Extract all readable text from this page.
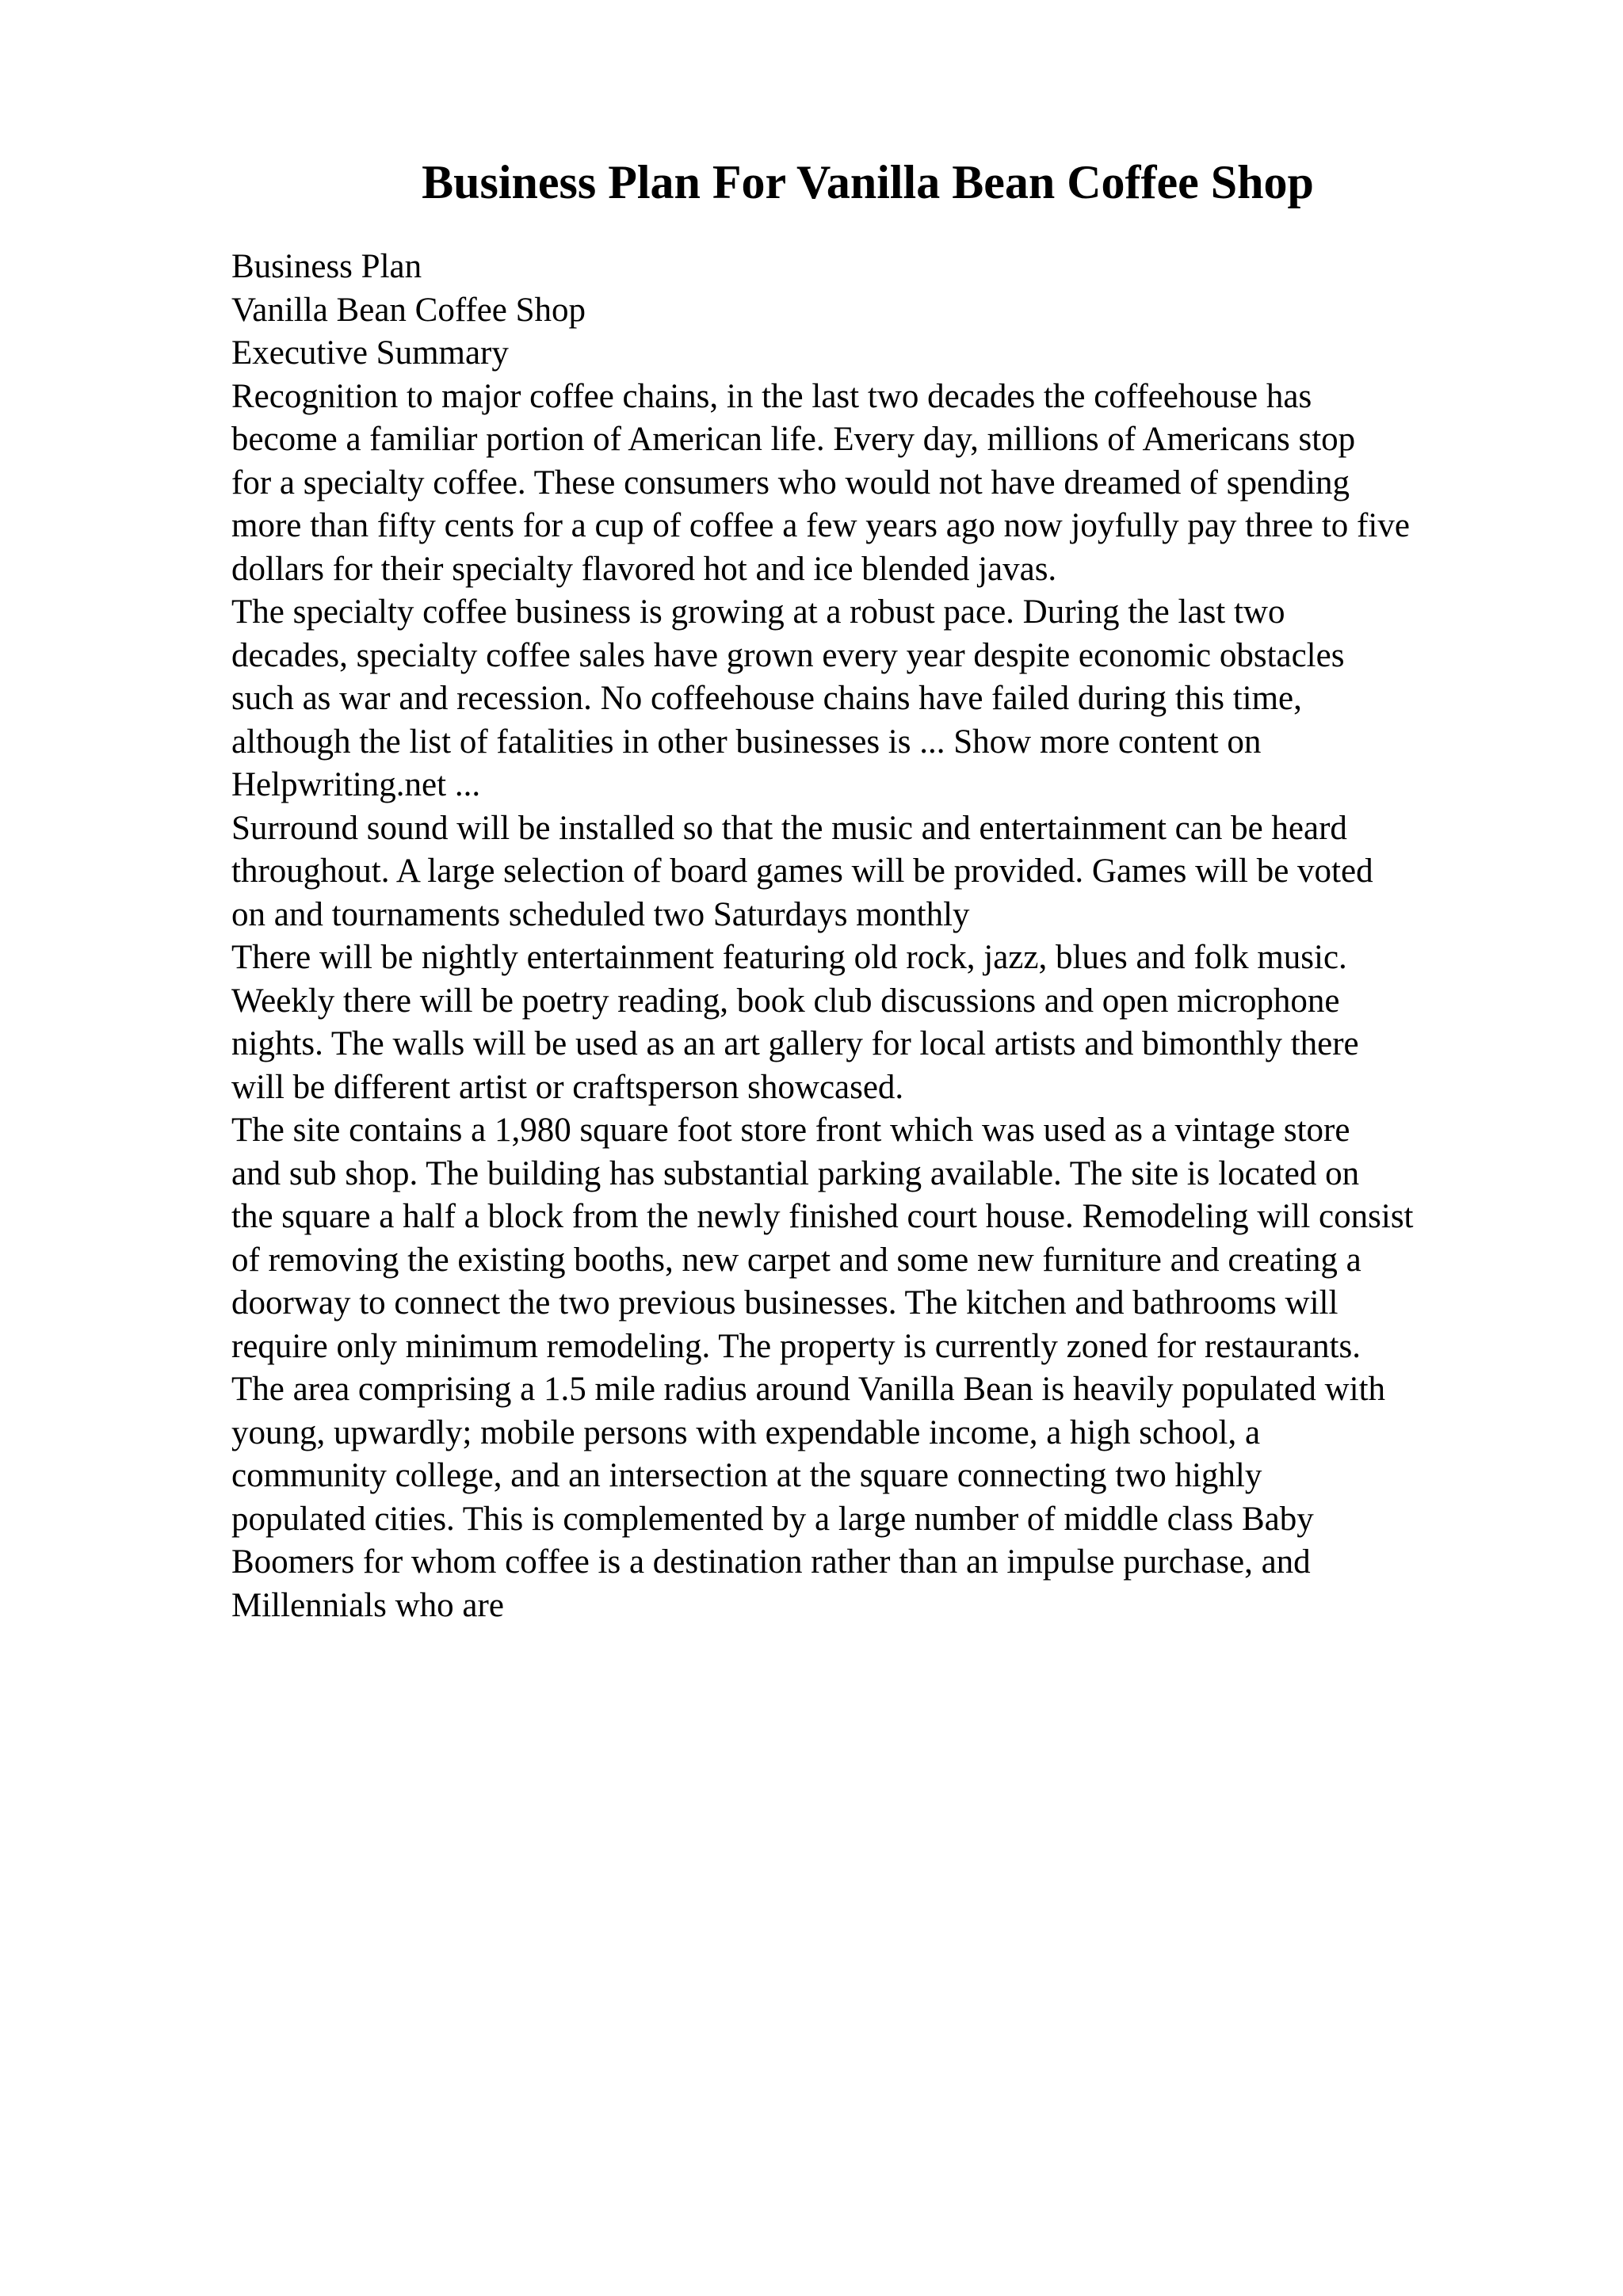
Business Plan For Vanilla Bean Coffee Shop
Business Plan
Vanilla Bean Coffee Shop
Executive Summary
Recognition to major coffee chains, in the last two decades the coffeehouse has
become a familiar portion of American life. Every day, millions of Americans stop
for a specialty coffee. These consumers who would not have dreamed of spending
more than fifty cents for a cup of coffee a few years ago now joyfully pay three to five
dollars for their specialty flavored hot and ice blended javas.
The specialty coffee business is growing at a robust pace. During the last two
decades, specialty coffee sales have grown every year despite economic obstacles
such as war and recession. No coffeehouse chains have failed during this time,
although the list of fatalities in other businesses is ... Show more content on
Helpwriting.net ...
Surround sound will be installed so that the music and entertainment can be heard
throughout. A large selection of board games will be provided. Games will be voted
on and tournaments scheduled two Saturdays monthly
There will be nightly entertainment featuring old rock, jazz, blues and folk music.
Weekly there will be poetry reading, book club discussions and open microphone
nights. The walls will be used as an art gallery for local artists and bimonthly there
will be different artist or craftsperson showcased.
The site contains a 1,980 square foot store front which was used as a vintage store
and sub shop. The building has substantial parking available. The site is located on
the square a half a block from the newly finished court house. Remodeling will consist
of removing the existing booths, new carpet and some new furniture and creating a
doorway to connect the two previous businesses. The kitchen and bathrooms will
require only minimum remodeling. The property is currently zoned for restaurants.
The area comprising a 1.5 mile radius around Vanilla Bean is heavily populated with
young, upwardly; mobile persons with expendable income, a high school, a
community college, and an intersection at the square connecting two highly
populated cities. This is complemented by a large number of middle class Baby
Boomers for whom coffee is a destination rather than an impulse purchase, and
Millennials who are
